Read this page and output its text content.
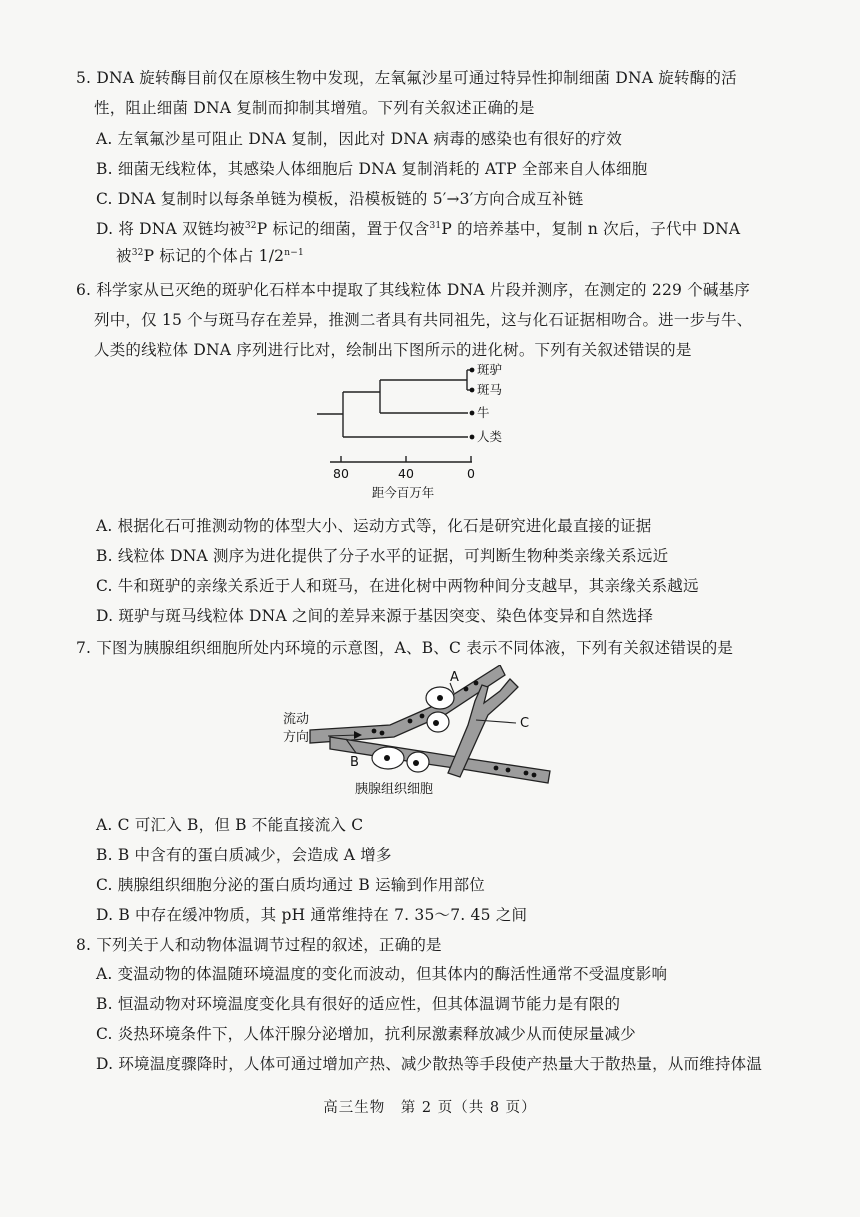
5. DNA 旋转酶目前仅在原核生物中发现，左氧氟沙星可通过特异性抑制细菌 DNA 旋转酶的活
性，阻止细菌 DNA 复制而抑制其增殖。下列有关叙述正确的是
A. 左氧氟沙星可阻止 DNA 复制，因此对 DNA 病毒的感染也有很好的疗效
B. 细菌无线粒体，其感染人体细胞后 DNA 复制消耗的 ATP 全部来自人体细胞
C. DNA 复制时以每条单链为模板，沿模板链的 5′→3′方向合成互补链
D. 将 DNA 双链均被$^{32}$P 标记的细菌，置于仅含$^{31}$P 的培养基中，复制 n 次后，子代中 DNA
被$^{32}$P 标记的个体占 $1/2^{n-1}$
6. 科学家从已灭绝的斑驴化石样本中提取了其线粒体 DNA 片段并测序，在测定的 229 个碱基序
列中，仅 15 个与斑马存在差异，推测二者具有共同祖先，这与化石证据相吻合。进一步与牛、
人类的线粒体 DNA 序列进行比对，绘制出下图所示的进化树。下列有关叙述错误的是
斑驴
斑马
牛
人类
80	40	0
距今百万年
A. 根据化石可推测动物的体型大小、运动方式等，化石是研究进化最直接的证据
B. 线粒体 DNA 测序为进化提供了分子水平的证据，可判断生物种类亲缘关系远近
C. 牛和斑驴的亲缘关系近于人和斑马，在进化树中两物种间分支越早，其亲缘关系越远
D. 斑驴与斑马线粒体 DNA 之间的差异来源于基因突变、染色体变异和自然选择
7. 下图为胰腺组织细胞所处内环境的示意图，A、B、C 表示不同体液，下列有关叙述错误的是
A
C
B
流动
方向
胰腺组织细胞
A. C 可汇入 B，但 B 不能直接流入 C
B. B 中含有的蛋白质减少，会造成 A 增多
C. 胰腺组织细胞分泌的蛋白质均通过 B 运输到作用部位
D. B 中存在缓冲物质，其 pH 通常维持在 7. 35～7. 45 之间
8. 下列关于人和动物体温调节过程的叙述，正确的是
A. 变温动物的体温随环境温度的变化而波动，但其体内的酶活性通常不受温度影响
B. 恒温动物对环境温度变化具有很好的适应性，但其体温调节能力是有限的
C. 炎热环境条件下，人体汗腺分泌增加，抗利尿激素释放减少从而使尿量减少
D. 环境温度骤降时，人体可通过增加产热、减少散热等手段使产热量大于散热量，从而维持体温
高三生物　第 2 页（共 8 页）
